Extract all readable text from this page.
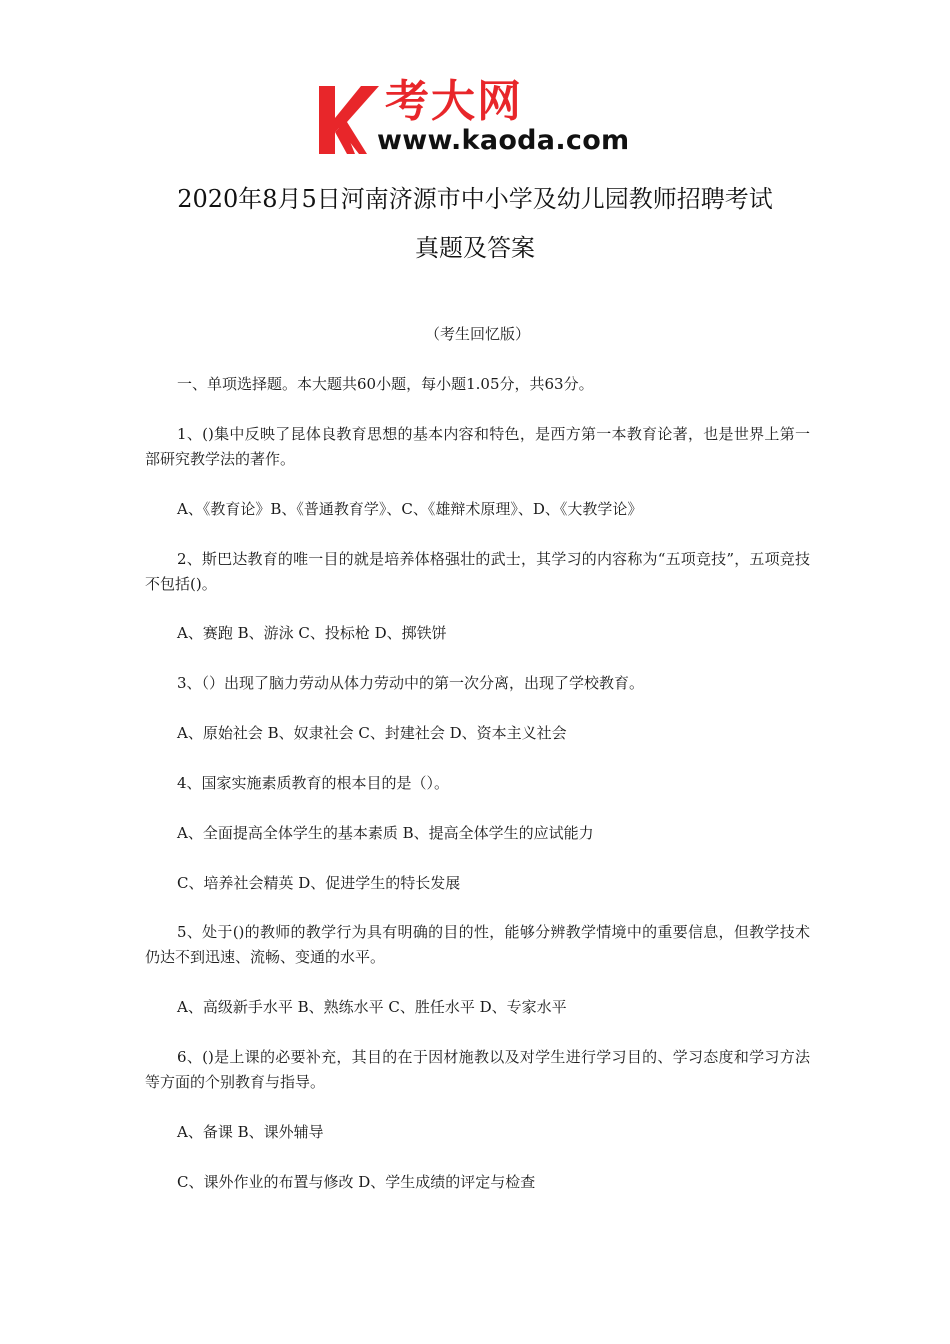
考大网
www.kaoda.com
2020年8月5日河南济源市中小学及幼儿园教师招聘考试
真题及答案
（考生回忆版）
一、单项选择题。本大题共60小题，每小题1.05分，共63分。
1、()集中反映了昆体良教育思想的基本内容和特色，是西方第一本教育论著，也是世界上第一部研究教学法的著作。
A、《教育论》B、《普通教育学》、C、《雄辩术原理》、D、《大教学论》
2、斯巴达教育的唯一目的就是培养体格强壮的武士，其学习的内容称为“五项竞技”，五项竞技不包括()。
A、赛跑 B、游泳 C、投标枪 D、掷铁饼
3、（）出现了脑力劳动从体力劳动中的第一次分离，出现了学校教育。
A、原始社会 B、奴隶社会 C、封建社会 D、资本主义社会
4、国家实施素质教育的根本目的是（）。
A、全面提高全体学生的基本素质 B、提高全体学生的应试能力
C、培养社会精英 D、促进学生的特长发展
5、处于()的教师的教学行为具有明确的目的性，能够分辨教学情境中的重要信息，但教学技术仍达不到迅速、流畅、变通的水平。
A、高级新手水平 B、熟练水平 C、胜任水平 D、专家水平
6、()是上课的必要补充，其目的在于因材施教以及对学生进行学习目的、学习态度和学习方法等方面的个别教育与指导。
A、备课 B、课外辅导
C、课外作业的布置与修改 D、学生成绩的评定与检查
